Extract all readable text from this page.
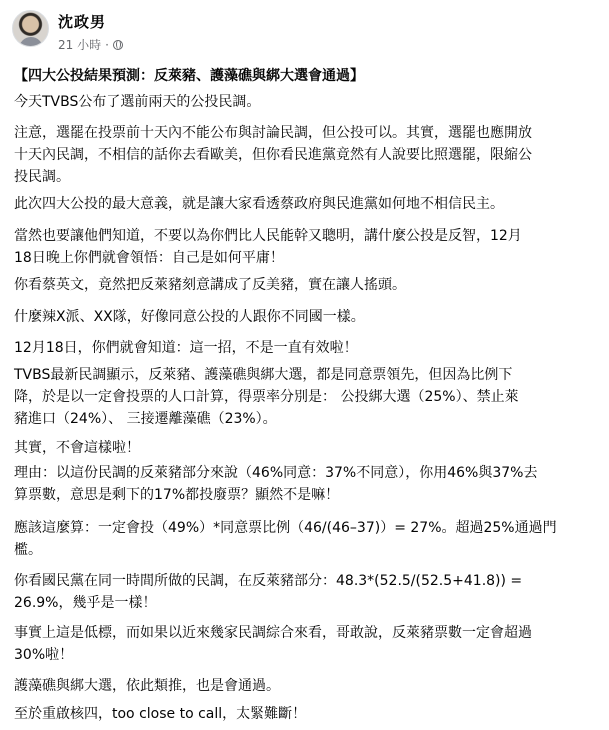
沈政男
21 小時 ·

【四大公投結果預測：反萊豬、護藻礁與綁大選會通過】

今天TVBS公布了選前兩天的公投民調。

注意，選罷在投票前十天內不能公布與討論民調，但公投可以。其實，選罷也應開放
十天內民調，不相信的話你去看歐美，但你看民進黨竟然有人說要比照選罷，限縮公
投民調。

此次四大公投的最大意義，就是讓大家看透蔡政府與民進黨如何地不相信民主。

當然也要讓他們知道，不要以為你們比人民能幹又聰明，講什麼公投是反智，12月
18日晚上你們就會領悟：自己是如何平庸！

你看蔡英文，竟然把反萊豬刻意講成了反美豬，實在讓人搖頭。

什麼辣X派、XX隊，好像同意公投的人跟你不同國一樣。

12月18日，你們就會知道：這一招，不是一直有效啦！

TVBS最新民調顯示，反萊豬、護藻礁與綁大選，都是同意票領先，但因為比例下
降，於是以一定會投票的人口計算，得票率分別是： 公投綁大選（25%）、禁止萊
豬進口（24%）、 三接遷離藻礁（23%）。

其實，不會這樣啦！

理由：以這份民調的反萊豬部分來說（46%同意：37%不同意），你用46%與37%去
算票數，意思是剩下的17%都投廢票？顯然不是嘛！

應該這麼算：一定會投（49%）*同意票比例（46/(46–37)）= 27%。超過25%通過門
檻。

你看國民黨在同一時間所做的民調，在反萊豬部分：48.3*(52.5/(52.5+41.8)) =
26.9%，幾乎是一樣！

事實上這是低標，而如果以近來幾家民調綜合來看，哥敢說，反萊豬票數一定會超過
30%啦！

護藻礁與綁大選，依此類推，也是會通過。

至於重啟核四，too close to call，太緊難斷！
